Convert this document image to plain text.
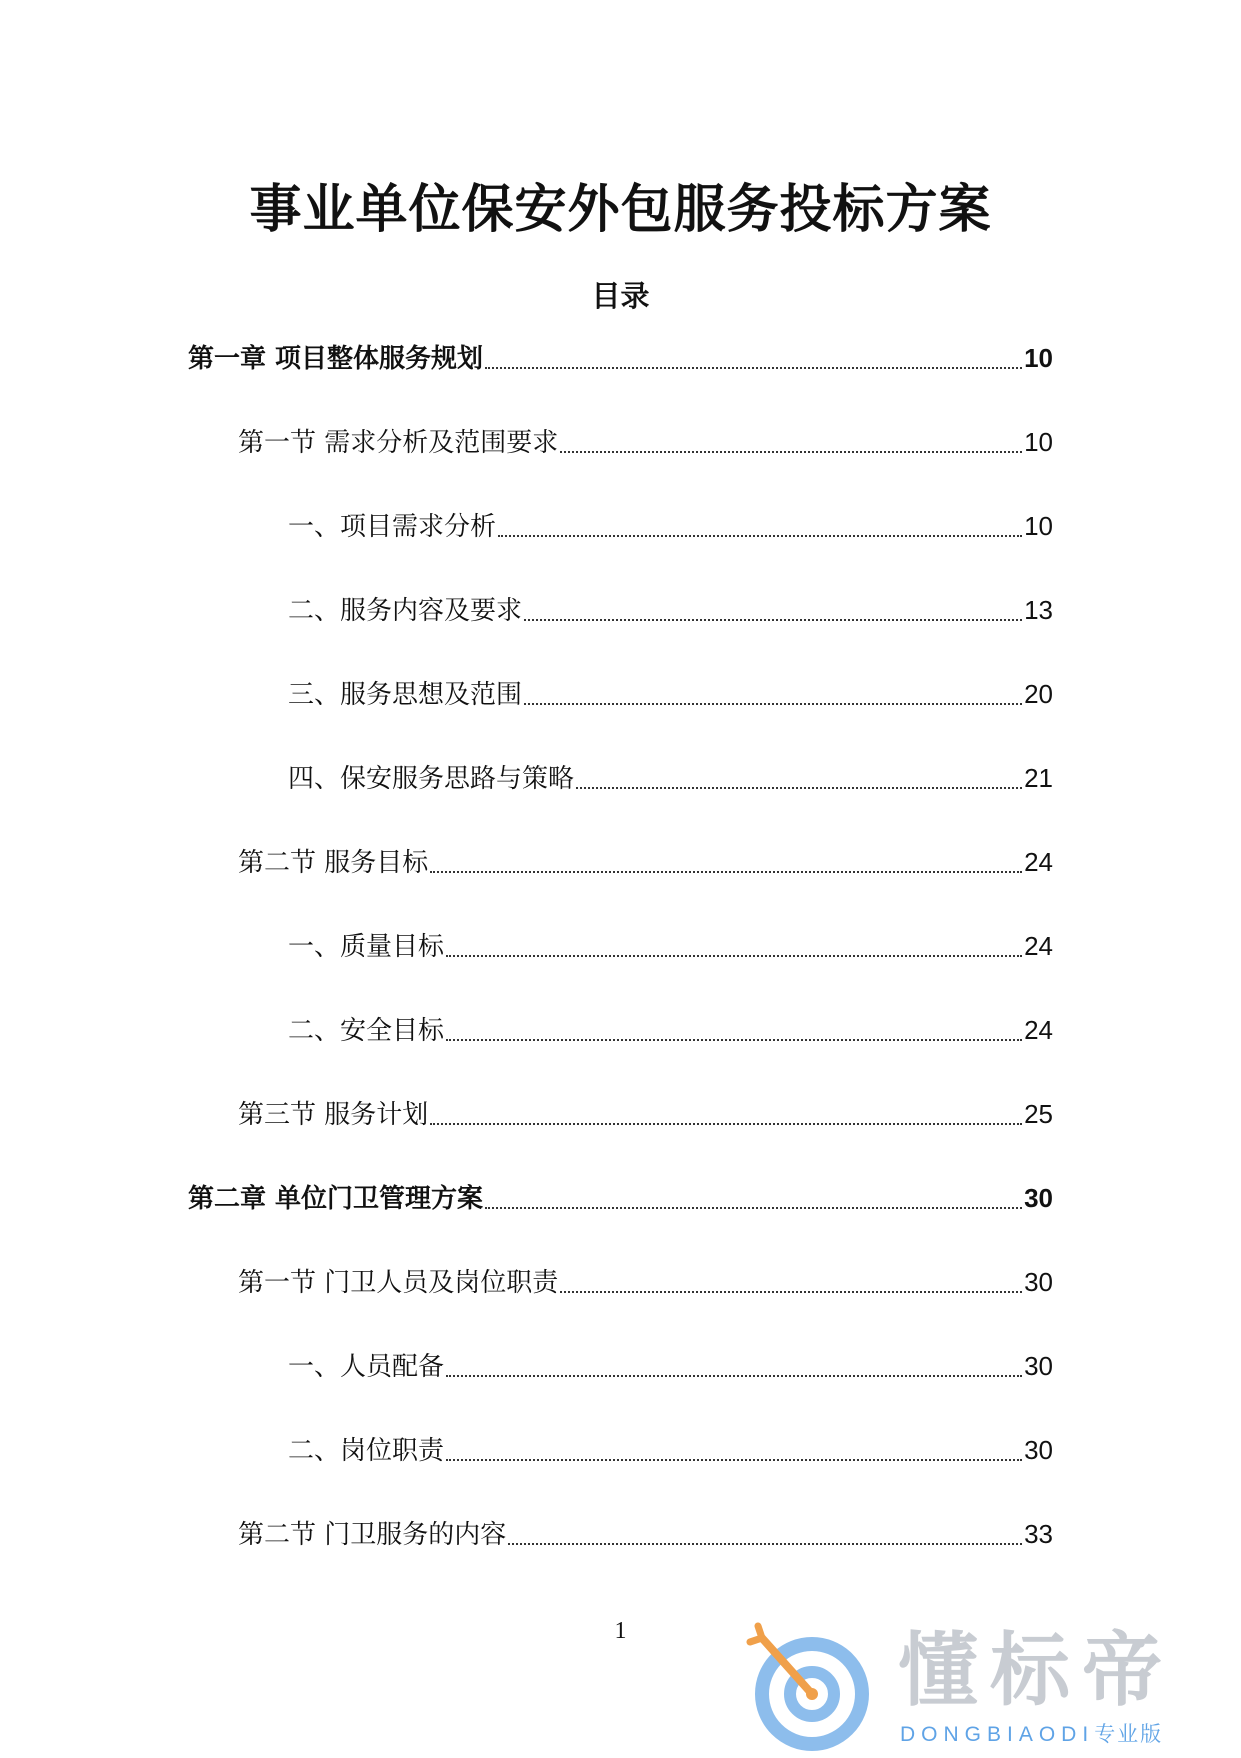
事业单位保安外包服务投标方案
目录
第一章 项目整体服务规划	10
第一节 需求分析及范围要求	10
一、项目需求分析	10
二、服务内容及要求	13
三、服务思想及范围	20
四、保安服务思路与策略	21
第二节 服务目标	24
一、质量目标	24
二、安全目标	24
第三节 服务计划	25
第二章 单位门卫管理方案	30
第一节 门卫人员及岗位职责	30
一、人员配备	30
二、岗位职责	30
第二节 门卫服务的内容	33
1	懂标帝
DONGBIAODI专业版
